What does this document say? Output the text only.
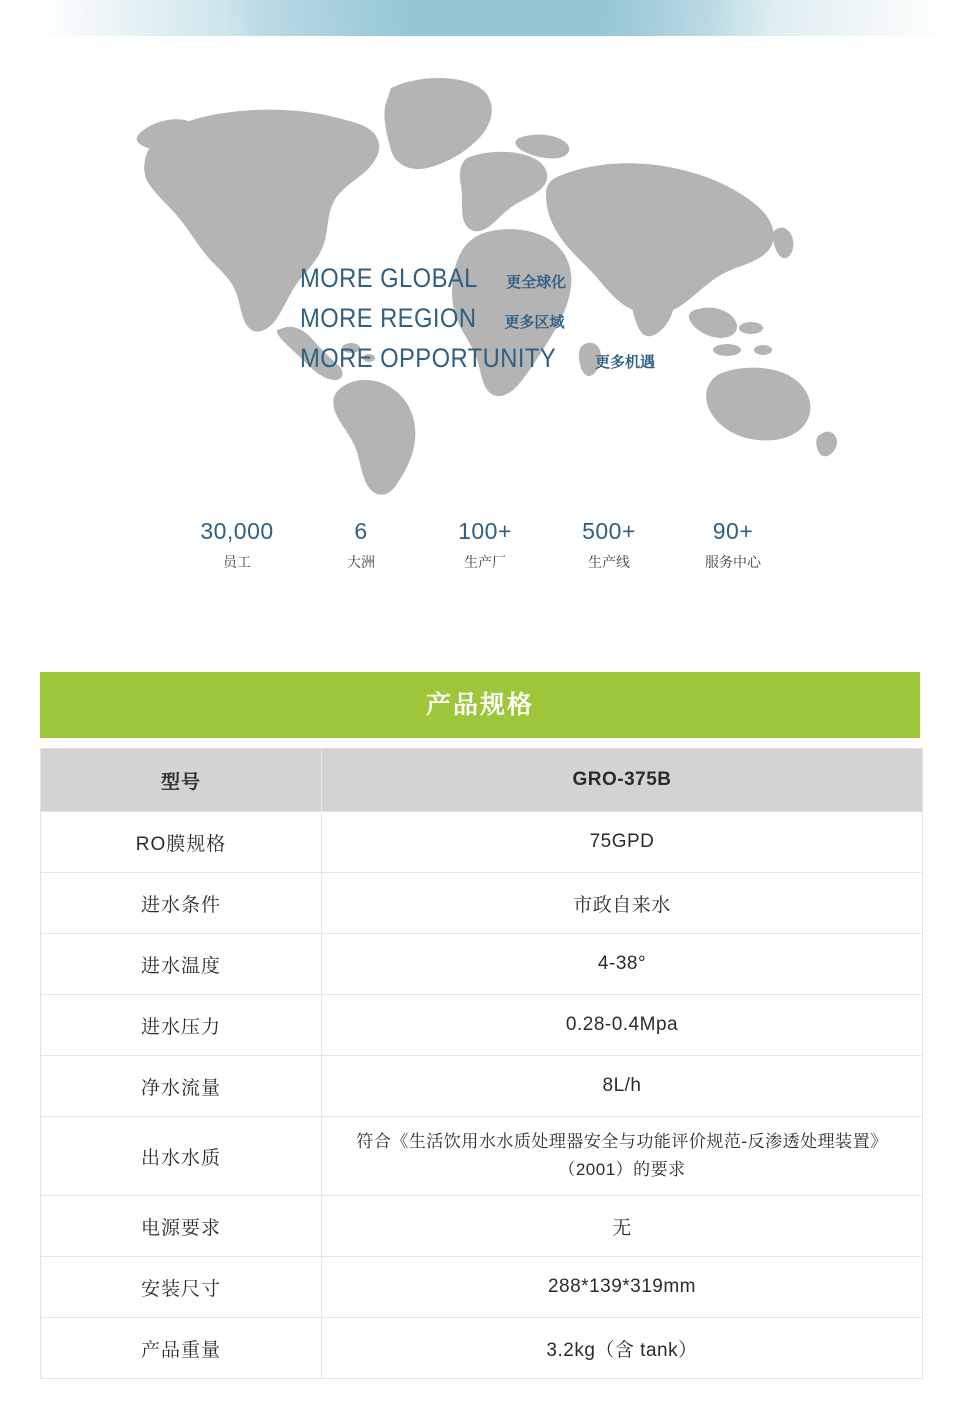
MORE GLOBAL 更全球化
MORE REGION 更多区域
MORE OPPORTUNITY	更多机遇
30,000
员工
6
大洲
100+
生产厂
500+
生产线
90+
服务中心
产品规格
型号	GRO-375B
RO膜规格	75GPD
进水条件	市政自来水
进水温度	4-38°
进水压力	0.28-0.4Mpa
净水流量	8L/h
出水水质	符合《生活饮用水水质处理器安全与功能评价规范-反渗透处理装置》（2001）的要求
电源要求	无
安装尺寸	288*139*319mm
产品重量	3.2kg（含 tank）
